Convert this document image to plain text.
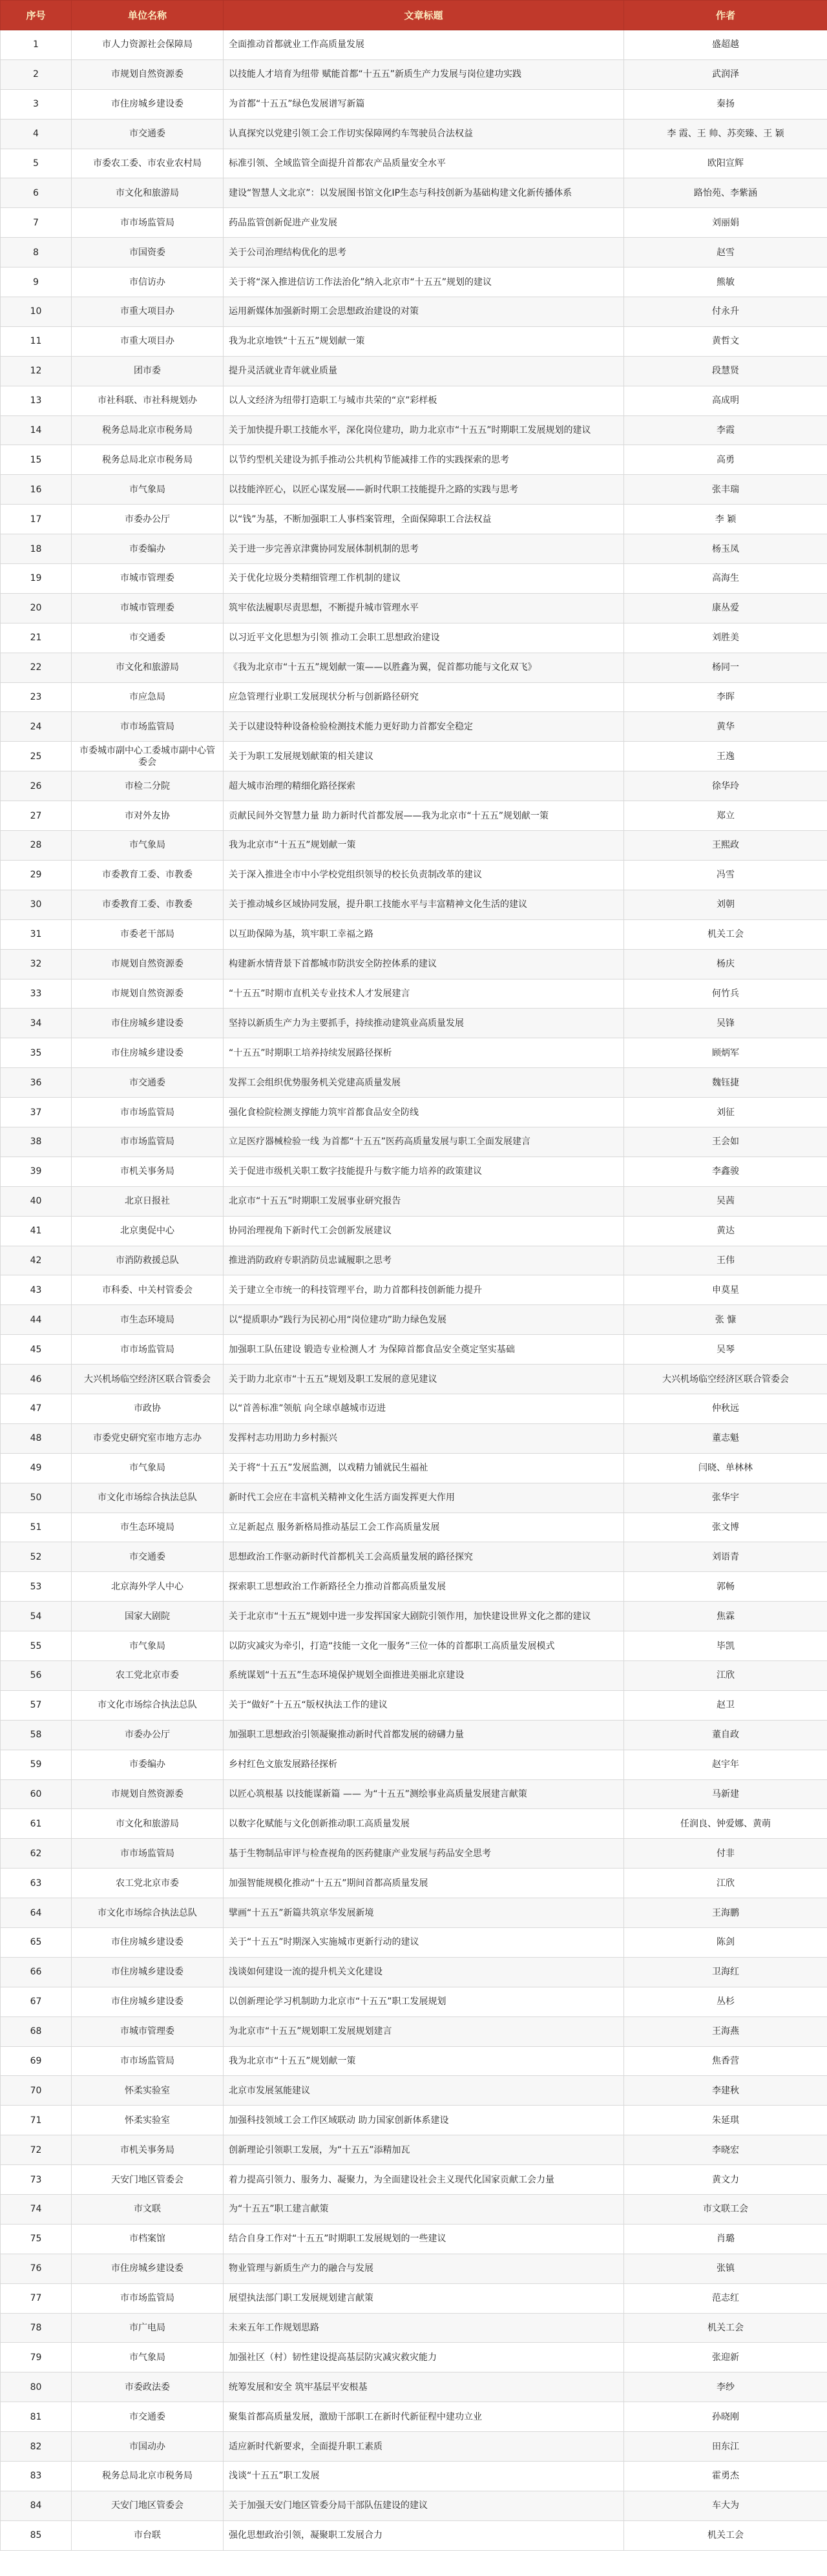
序号	单位名称	文章标题	作者
1	市人力资源社会保障局	全面推动首都就业工作高质量发展	盛超越
2	市规划自然资源委	以技能人才培育为纽带 赋能首都“十五五”新质生产力发展与岗位建功实践	武润泽
3	市住房城乡建设委	为首都“十五五”绿色发展谱写新篇	秦扬
4	市交通委	认真探究以党建引领工会工作切实保障网约车驾驶员合法权益	李 霞、王 帅、苏奕臻、王 颖
5	市委农工委、市农业农村局	标准引领、全域监管全面提升首都农产品质量安全水平	欧阳宣辉
6	市文化和旅游局	建设“智慧人文北京”：以发展图书馆文化IP生态与科技创新为基础构建文化新传播体系	路怡苑、李紫涵
7	市市场监管局	药品监管创新促进产业发展	刘丽娟
8	市国资委	关于公司治理结构优化的思考	赵雪
9	市信访办	关于将“深入推进信访工作法治化”纳入北京市“十五五”规划的建议	熊敏
10	市重大项目办	运用新媒体加强新时期工会思想政治建设的对策	付永升
11	市重大项目办	我为北京地铁“十五五”规划献一策	黄哲文
12	团市委	提升灵活就业青年就业质量	段慧贤
13	市社科联、市社科规划办	以人文经济为纽带打造职工与城市共荣的“京”彩样板	高成明
14	税务总局北京市税务局	关于加快提升职工技能水平，深化岗位建功，助力北京市“十五五”时期职工发展规划的建议	李霞
15	税务总局北京市税务局	以节约型机关建设为抓手推动公共机构节能减排工作的实践探索的思考	高勇
16	市气象局	以技能淬匠心，以匠心谋发展——新时代职工技能提升之路的实践与思考	张丰瑞
17	市委办公厅	以“钱”为基，不断加强职工人事档案管理，全面保障职工合法权益	李 颖
18	市委编办	关于进一步完善京津冀协同发展体制机制的思考	杨玉凤
19	市城市管理委	关于优化垃圾分类精细管理工作机制的建议	高海生
20	市城市管理委	筑牢依法履职尽责思想，不断提升城市管理水平	康丛爱
21	市交通委	以习近平文化思想为引领 推动工会职工思想政治建设	刘胜美
22	市文化和旅游局	《我为北京市“十五五”规划献一策——以胜鑫为翼，促首都功能与文化双飞》	杨同一
23	市应急局	应急管理行业职工发展现状分析与创新路径研究	李晖
24	市市场监管局	关于以建设特种设备检验检测技术能力更好助力首都安全稳定	黄华
25	市委城市副中心工委城市副中心管委会	关于为职工发展规划献策的相关建议	王逸
26	市检二分院	超大城市治理的精细化路径探索	徐华玲
27	市对外友协	贡献民间外交智慧力量 助力新时代首都发展——我为北京市“十五五”规划献一策	郑立
28	市气象局	我为北京市“十五五”规划献一策	王熙政
29	市委教育工委、市教委	关于深入推进全市中小学校党组织领导的校长负责制改革的建议	冯雪
30	市委教育工委、市教委	关于推动城乡区域协同发展，提升职工技能水平与丰富精神文化生活的建议	刘朝
31	市委老干部局	以互助保障为基，筑牢职工幸福之路	机关工会
32	市规划自然资源委	构建新水情背景下首都城市防洪安全防控体系的建议	杨庆
33	市规划自然资源委	“十五五”时期市直机关专业技术人才发展建言	何竹兵
34	市住房城乡建设委	坚持以新质生产力为主要抓手，持续推动建筑业高质量发展	吴锋
35	市住房城乡建设委	“十五五”时期职工培养持续发展路径探析	顾炳军
36	市交通委	发挥工会组织优势服务机关党建高质量发展	魏钰捷
37	市市场监管局	强化食检院检测支撑能力筑牢首都食品安全防线	刘征
38	市市场监管局	立足医疗器械检验一线 为首都“十五五”医药高质量发展与职工全面发展建言	王会如
39	市机关事务局	关于促进市级机关职工数字技能提升与数字能力培养的政策建议	李鑫骏
40	北京日报社	北京市“十五五”时期职工发展事业研究报告	吴茜
41	北京奥促中心	协同治理视角下新时代工会创新发展建议	黄达
42	市消防救援总队	推进消防政府专职消防员忠诚履职之思考	王伟
43	市科委、中关村管委会	关于建立全市统一的科技管理平台，助力首都科技创新能力提升	申莫星
44	市生态环境局	以“提质职办”践行为民初心用“岗位建功”助力绿色发展	张 慷
45	市市场监管局	加强职工队伍建设 锻造专业检测人才 为保障首都食品安全奠定坚实基础	吴琴
46	大兴机场临空经济区联合管委会	关于助力北京市“十五五”规划及职工发展的意见建议	大兴机场临空经济区联合管委会
47	市政协	以“首善标准”领航 向全球卓越城市迈进	仲秋远
48	市委党史研究室市地方志办	发挥村志功用助力乡村振兴	董志魁
49	市气象局	关于将“十五五”发展监测，以戏精力铺就民生福祉	闫晓、单林林
50	市文化市场综合执法总队	新时代工会应在丰富机关精神文化生活方面发挥更大作用	张华宇
51	市生态环境局	立足新起点 服务新格局推动基层工会工作高质量发展	张文博
52	市交通委	思想政治工作驱动新时代首都机关工会高质量发展的路径探究	刘语青
53	北京海外学人中心	探索职工思想政治工作新路径全力推动首都高质量发展	郭畅
54	国家大剧院	关于北京市“十五五”规划中进一步发挥国家大剧院引领作用，加快建设世界文化之都的建议	焦霖
55	市气象局	以防灾减灾为牵引，打造“技能一文化一服务”三位一体的首都职工高质量发展模式	毕凯
56	农工党北京市委	系统谋划“十五五”生态环境保护规划全面推进美丽北京建设	江欣
57	市文化市场综合执法总队	关于“做好”十五五“版权执法工作的建议	赵卫
58	市委办公厅	加强职工思想政治引领凝聚推动新时代首都发展的磅礴力量	董自政
59	市委编办	乡村红色文旅发展路径探析	赵宇年
60	市规划自然资源委	以匠心筑根基 以技能谋新篇 —— 为“十五五”测绘事业高质量发展建言献策	马新建
61	市文化和旅游局	以数字化赋能与文化创新推动职工高质量发展	任润良、钟爱娜、黄萌
62	市市场监管局	基于生物制品审评与检查视角的医药健康产业发展与药品安全思考	付非
63	农工党北京市委	加强智能规模化推动“十五五”期间首都高质量发展	江欣
64	市文化市场综合执法总队	擘画“十五五”新篇共筑京华发展新境	王海鹏
65	市住房城乡建设委	关于“十五五”时期深入实施城市更新行动的建议	陈剑
66	市住房城乡建设委	浅谈如何建设一流的提升机关文化建设	卫海红
67	市住房城乡建设委	以创新理论学习机制助力北京市“十五五”职工发展规划	丛杉
68	市城市管理委	为北京市“十五五”规划职工发展规划建言	王海燕
69	市市场监管局	我为北京市“十五五”规划献一策	焦香营
70	怀柔实验室	北京市发展氢能建议	李建秋
71	怀柔实验室	加强科技领域工会工作区域联动 助力国家创新体系建设	朱延琪
72	市机关事务局	创新理论引领职工发展，为“十五五”添精加瓦	李晓宏
73	天安门地区管委会	着力提高引领力、服务力、凝聚力，为全面建设社会主义现代化国家贡献工会力量	黄文力
74	市文联	为“十五五”职工建言献策	市文联工会
75	市档案馆	结合自身工作对“十五五”时期职工发展规划的一些建议	肖璐
76	市住房城乡建设委	物业管理与新质生产力的融合与发展	张镇
77	市市场监管局	展望执法部门职工发展规划建言献策	范志红
78	市广电局	未来五年工作规划思路	机关工会
79	市气象局	加强社区（村）韧性建设提高基层防灾减灾救灾能力	张迎新
80	市委政法委	统筹发展和安全 筑牢基层平安根基	李纱
81	市交通委	聚集首都高质量发展，激励干部职工在新时代新征程中建功立业	孙晓刚
82	市国动办	适应新时代新要求，全面提升职工素质	田东江
83	税务总局北京市税务局	浅谈“十五五”职工发展	霍勇杰
84	天安门地区管委会	关于加强天安门地区管委分局干部队伍建设的建议	车大为
85	市台联	强化思想政治引领，凝聚职工发展合力	机关工会
